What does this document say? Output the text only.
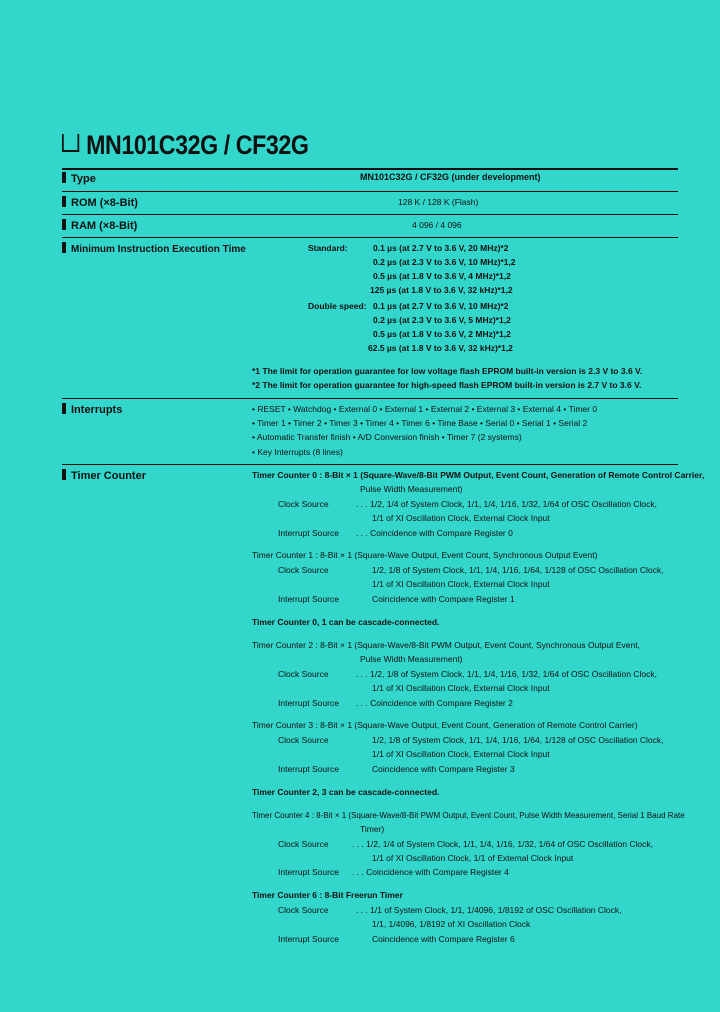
MN101C32G / CF32G
Type	MN101C32G / CF32G (under development)
ROM (×8-Bit)	128 K / 128 K (Flash)
RAM (×8-Bit)	4 096 / 4 096
Minimum Instruction Execution Time	Standard:	0.1 µs (at 2.7 V to 3.6 V, 20 MHz)*2
0.2 µs (at 2.3 V to 3.6 V, 10 MHz)*1,2
0.5 µs (at 1.8 V to 3.6 V, 4 MHz)*1,2
125 µs (at 1.8 V to 3.6 V, 32 kHz)*1,2
Double speed: 0.1 µs (at 2.7 V to 3.6 V, 10 MHz)*2
0.2 µs (at 2.3 V to 3.6 V, 5 MHz)*1,2
0.5 µs (at 1.8 V to 3.6 V, 2 MHz)*1,2
62.5 µs (at 1.8 V to 3.6 V, 32 kHz)*1,2
*1 The limit for operation guarantee for low voltage flash EPROM built-in version is 2.3 V to 3.6 V.
*2 The limit for operation guarantee for high-speed flash EPROM built-in version is 2.7 V to 3.6 V.
Interrupts	• RESET • Watchdog • External 0 • External 1 • External 2 • External 3 • External 4 • Timer 0
• Timer 1 • Timer 2 • Timer 3 • Timer 4 • Timer 6 • Time Base • Serial 0 • Serial 1 • Serial 2
• Automatic Transfer finish • A/D Conversion finish • Timer 7 (2 systems)
• Key Interrupts (8 lines)
Timer Counter	Timer Counter 0 : 8-Bit × 1 (Square-Wave/8-Bit PWM Output, Event Count, Generation of Remote Control Carrier,
Pulse Width Measurement)
Clock Source	. . . 1/2, 1/4 of System Clock, 1/1, 1/4, 1/16, 1/32, 1/64 of OSC Oscillation Clock,
1/1 of XI Oscillation Clock, External Clock Input
Interrupt Source . . . Coincidence with Compare Register 0
Timer Counter 1 : 8-Bit × 1 (Square-Wave Output, Event Count, Synchronous Output Event)
Clock Source	1/2, 1/8 of System Clock, 1/1, 1/4, 1/16, 1/64, 1/128 of OSC Oscillation Clock,
1/1 of XI Oscillation Clock, External Clock Input
Interrupt Source	Coincidence with Compare Register 1
Timer Counter 0, 1 can be cascade-connected.
Timer Counter 2 : 8-Bit × 1 (Square-Wave/8-Bit PWM Output, Event Count, Synchronous Output Event,
Pulse Width Measurement)
Clock Source	. . . 1/2, 1/8 of System Clock, 1/1, 1/4, 1/16, 1/32, 1/64 of OSC Oscillation Clock,
1/1 of XI Oscillation Clock, External Clock Input
Interrupt Source . . . Coincidence with Compare Register 2
Timer Counter 3 : 8-Bit × 1 (Square-Wave Output, Event Count, Generation of Remote Control Carrier)
Clock Source	1/2, 1/8 of System Clock, 1/1, 1/4, 1/16, 1/64, 1/128 of OSC Oscillation Clock,
1/1 of XI Oscillation Clock, External Clock Input
Interrupt Source	Coincidence with Compare Register 3
Timer Counter 2, 3 can be cascade-connected.
Timer Counter 4 : 8-Bit × 1 (Square-Wave/8-Bit PWM Output, Event Count, Pulse Width Measurement, Serial 1 Baud Rate
Timer)
Clock Source	. . . 1/2, 1/4 of System Clock, 1/1, 1/4, 1/16, 1/32, 1/64 of OSC Oscillation Clock,
1/1 of XI Oscillation Clock, 1/1 of External Clock Input
Interrupt Source . . . Coincidence with Compare Register 4
Timer Counter 6 : 8-Bit Freerun Timer
Clock Source	. . . 1/1 of System Clock, 1/1, 1/4096, 1/8192 of OSC Oscillation Clock,
1/1, 1/4096, 1/8192 of XI Oscillation Clock
Interrupt Source	Coincidence with Compare Register 6
